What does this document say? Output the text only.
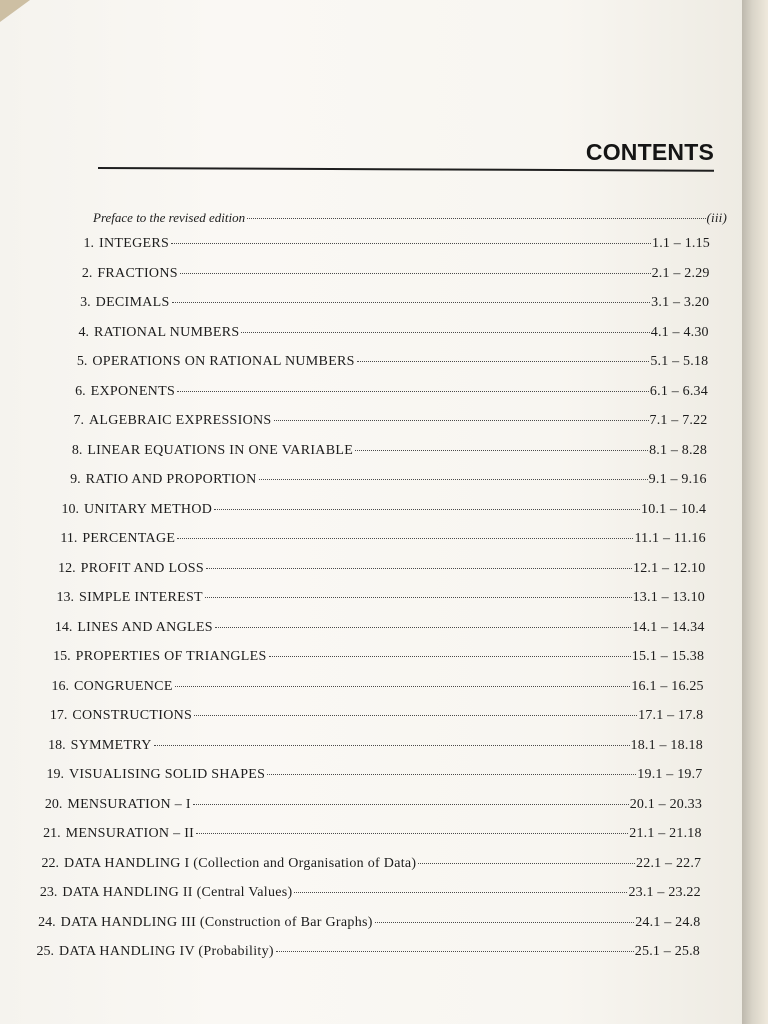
CONTENTS
Preface to the revised edition	(iii)
1. INTEGERS	1.1 – 1.15
2. FRACTIONS	2.1 – 2.29
3. DECIMALS	3.1 – 3.20
4. RATIONAL NUMBERS	4.1 – 4.30
5. OPERATIONS ON RATIONAL NUMBERS	5.1 – 5.18
6. EXPONENTS	6.1 – 6.34
7. ALGEBRAIC EXPRESSIONS	7.1 – 7.22
8. LINEAR EQUATIONS IN ONE VARIABLE	8.1 – 8.28
9. RATIO AND PROPORTION	9.1 – 9.16
10. UNITARY METHOD	10.1 – 10.4
11. PERCENTAGE	11.1 – 11.16
12. PROFIT AND LOSS	12.1 – 12.10
13. SIMPLE INTEREST	13.1 – 13.10
14. LINES AND ANGLES	14.1 – 14.34
15. PROPERTIES OF TRIANGLES	15.1 – 15.38
16. CONGRUENCE	16.1 – 16.25
17. CONSTRUCTIONS	17.1 – 17.8
18. SYMMETRY	18.1 – 18.18
19. VISUALISING SOLID SHAPES	19.1 – 19.7
20. MENSURATION – I	20.1 – 20.33
21. MENSURATION – II	21.1 – 21.18
22. DATA HANDLING I (Collection and Organisation of Data)	22.1 – 22.7
23. DATA HANDLING II (Central Values)	23.1 – 23.22
24. DATA HANDLING III (Construction of Bar Graphs)	24.1 – 24.8
25. DATA HANDLING IV (Probability)	25.1 – 25.8
